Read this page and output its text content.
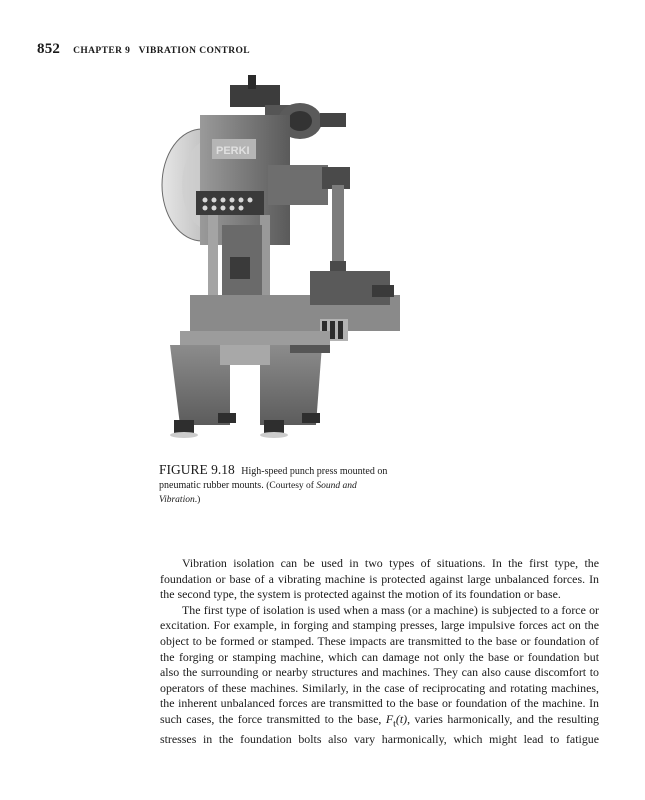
852 CHAPTER 9 VIBRATION CONTROL
PERKI
FIGURE 9.18 High-speed punch press mounted on pneumatic rubber mounts. (Courtesy of Sound and Vibration.)

Vibration isolation can be used in two types of situations. In the first type, the foundation or base of a vibrating machine is protected against large unbalanced forces. In the second type, the system is protected against the motion of its foundation or base.

The first type of isolation is used when a mass (or a machine) is subjected to a force or excitation. For example, in forging and stamping presses, large impulsive forces act on the object to be formed or stamped. These impacts are transmitted to the base or foundation of the forging or stamping machine, which can damage not only the base or foundation but also the surrounding or nearby structures and machines. They can also cause discomfort to operators of these machines. Similarly, in the case of reciprocating and rotating machines, the inherent unbalanced forces are transmitted to the base or foundation of the machine. In such cases, the force transmitted to the base, $F_t(t)$, varies harmonically, and the resulting stresses in the foundation bolts also vary harmonically, which might lead to fatigue
